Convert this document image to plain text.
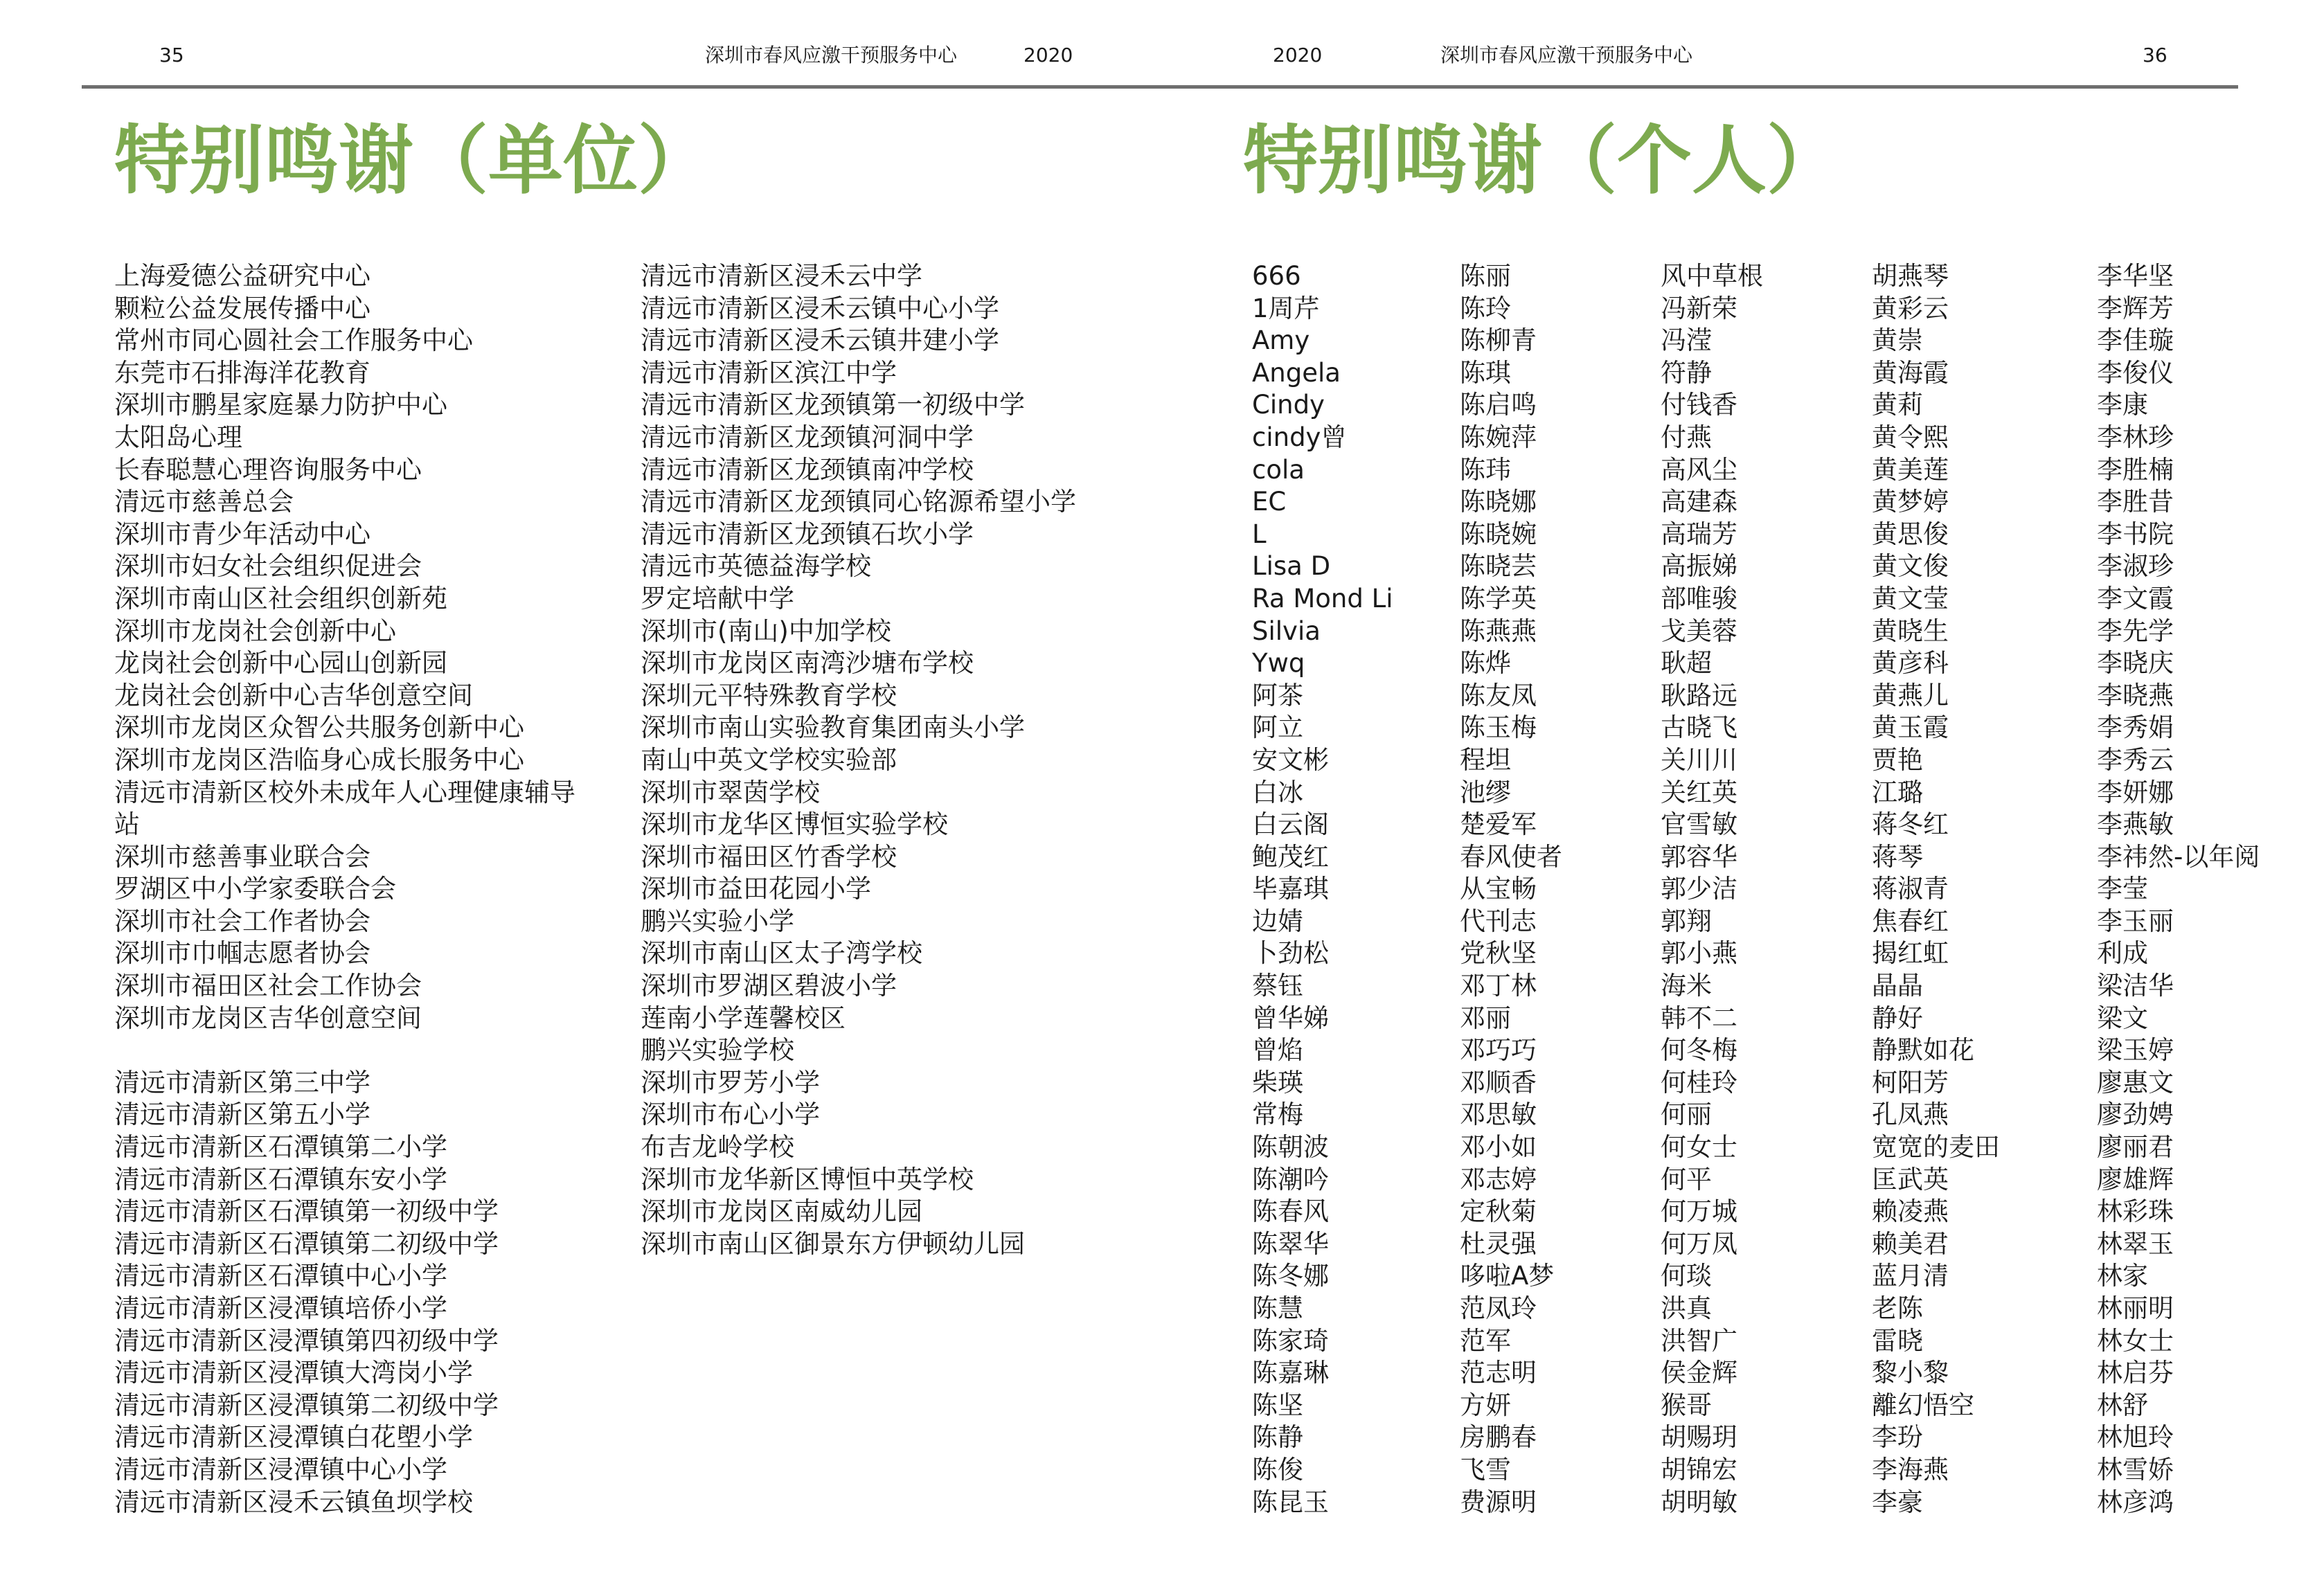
35	深圳市春风应激干预服务中心	2020	2020	深圳市春风应激干预服务中心	36
特别鸣谢（单位）	特别鸣谢（个人）
上海爱德公益研究中心
颗粒公益发展传播中心
常州市同心圆社会工作服务中心
东莞市石排海洋花教育
深圳市鹏星家庭暴力防护中心
太阳岛心理
长春聪慧心理咨询服务中心
清远市慈善总会
深圳市青少年活动中心
深圳市妇女社会组织促进会
深圳市南山区社会组织创新苑
深圳市龙岗社会创新中心
龙岗社会创新中心园山创新园
龙岗社会创新中心吉华创意空间
深圳市龙岗区众智公共服务创新中心
深圳市龙岗区浩临身心成长服务中心
清远市清新区校外未成年人心理健康辅导
站
深圳市慈善事业联合会
罗湖区中小学家委联合会
深圳市社会工作者协会
深圳市巾帼志愿者协会
深圳市福田区社会工作协会
深圳市龙岗区吉华创意空间
清远市清新区第三中学
清远市清新区第五小学
清远市清新区石潭镇第二小学
清远市清新区石潭镇东安小学
清远市清新区石潭镇第一初级中学
清远市清新区石潭镇第二初级中学
清远市清新区石潭镇中心小学
清远市清新区浸潭镇培侨小学
清远市清新区浸潭镇第四初级中学
清远市清新区浸潭镇大湾岗小学
清远市清新区浸潭镇第二初级中学
清远市清新区浸潭镇白花塱小学
清远市清新区浸潭镇中心小学
清远市清新区浸禾云镇鱼坝学校
清远市清新区浸禾云中学
清远市清新区浸禾云镇中心小学
清远市清新区浸禾云镇井建小学
清远市清新区滨江中学
清远市清新区龙颈镇第一初级中学
清远市清新区龙颈镇河洞中学
清远市清新区龙颈镇南冲学校
清远市清新区龙颈镇同心铭源希望小学
清远市清新区龙颈镇石坎小学
清远市英德益海学校
罗定培献中学
深圳市(南山)中加学校
深圳市龙岗区南湾沙塘布学校
深圳元平特殊教育学校
深圳市南山实验教育集团南头小学
南山中英文学校实验部
深圳市翠茵学校
深圳市龙华区博恒实验学校
深圳市福田区竹香学校
深圳市益田花园小学
鹏兴实验小学
深圳市南山区太子湾学校
深圳市罗湖区碧波小学
莲南小学莲馨校区
鹏兴实验学校
深圳市罗芳小学
深圳市布心小学
布吉龙岭学校
深圳市龙华新区博恒中英学校
深圳市龙岗区南威幼儿园
深圳市南山区御景东方伊顿幼儿园
666
1周芹
Amy
Angela
Cindy
cindy曾
cola
EC
L
Lisa D
Ra Mond Li
Silvia
Ywq
阿茶
阿立
安文彬
白冰
白云阁
鲍茂红
毕嘉琪
边婧
卜劲松
蔡钰
曾华娣
曾焰
柴瑛
常梅
陈朝波
陈潮吟
陈春风
陈翠华
陈冬娜
陈慧
陈家琦
陈嘉琳
陈坚
陈静
陈俊
陈昆玉
陈丽
陈玲
陈柳青
陈琪
陈启鸣
陈婉萍
陈玮
陈晓娜
陈晓婉
陈晓芸
陈学英
陈燕燕
陈烨
陈友凤
陈玉梅
程坦
池缪
楚爱军
春风使者
从宝畅
代刊志
党秋坚
邓丁林
邓丽
邓巧巧
邓顺香
邓思敏
邓小如
邓志婷
定秋菊
杜灵强
哆啦A梦
范凤玲
范军
范志明
方妍
房鹏春
飞雪
费源明
风中草根
冯新荣
冯滢
符静
付钱香
付燕
高风尘
高建森
高瑞芳
高振娣
部唯骏
戈美蓉
耿超
耿路远
古晓飞
关川川
关红英
官雪敏
郭容华
郭少洁
郭翔
郭小燕
海米
韩不二
何冬梅
何桂玲
何丽
何女士
何平
何万城
何万凤
何琰
洪真
洪智广
侯金辉
猴哥
胡赐玥
胡锦宏
胡明敏
胡燕琴
黄彩云
黄崇
黄海霞
黄莉
黄令熙
黄美莲
黄梦婷
黄思俊
黄文俊
黄文莹
黄晓生
黄彦科
黄燕儿
黄玉霞
贾艳
江璐
蒋冬红
蒋琴
蒋淑青
焦春红
揭红虹
晶晶
静好
静默如花
柯阳芳
孔凤燕
宽宽的麦田
匡武英
赖凌燕
赖美君
蓝月清
老陈
雷晓
黎小黎
離幻悟空
李玢
李海燕
李豪
李华坚
李辉芳
李佳璇
李俊仪
李康
李林珍
李胜楠
李胜昔
李书院
李淑珍
李文霞
李先学
李晓庆
李晓燕
李秀娟
李秀云
李妍娜
李燕敏
李祎然-以年阅
李莹
李玉丽
利成
梁洁华
梁文
梁玉婷
廖惠文
廖劲娉
廖丽君
廖雄辉
林彩珠
林翠玉
林家
林丽明
林女士
林启芬
林舒
林旭玲
林雪娇
林彦鸿
